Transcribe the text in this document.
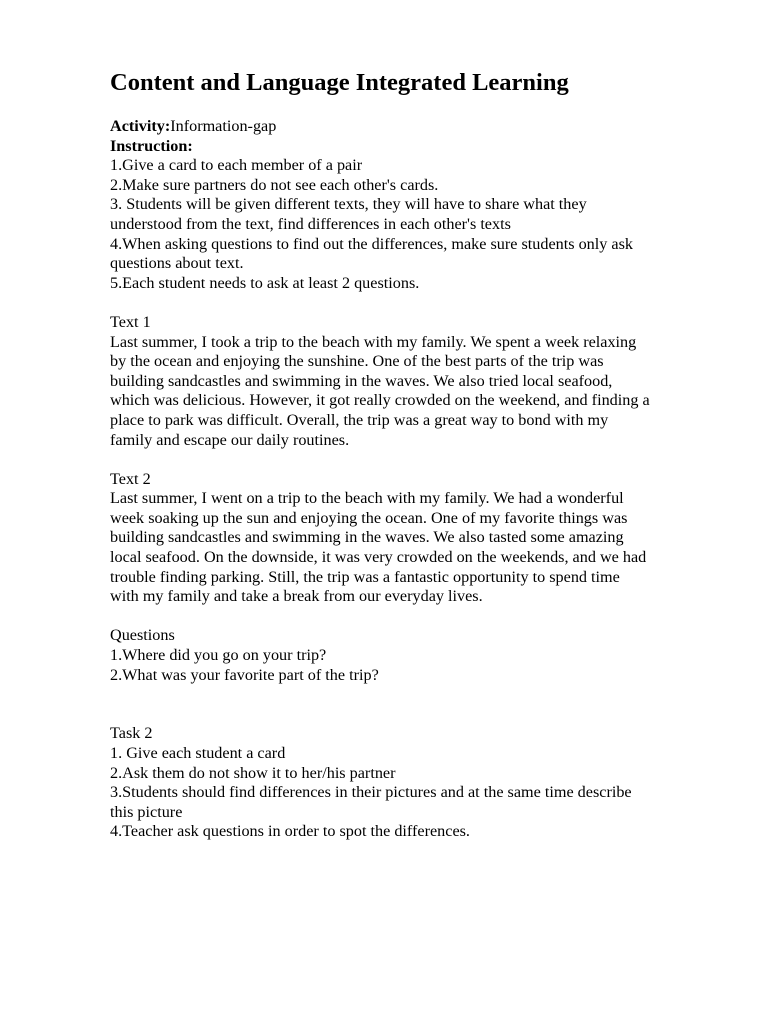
Content and Language Integrated Learning
Activity:Information-gap
Instruction:
1.Give a card to each member of a pair
2.Make sure partners do not see each other's cards.
3. Students will be given different texts, they will have to share what they
understood from the text, find differences in each other's texts
4.When asking questions to find out the differences, make sure students only ask
questions about text.
5.Each student needs to ask at least 2 questions.
Text 1
Last summer, I took a trip to the beach with my family. We spent a week relaxing
by the ocean and enjoying the sunshine. One of the best parts of the trip was
building sandcastles and swimming in the waves. We also tried local seafood,
which was delicious. However, it got really crowded on the weekend, and finding a
place to park was difficult. Overall, the trip was a great way to bond with my
family and escape our daily routines.
Text 2
Last summer, I went on a trip to the beach with my family. We had a wonderful
week soaking up the sun and enjoying the ocean. One of my favorite things was
building sandcastles and swimming in the waves. We also tasted some amazing
local seafood. On the downside, it was very crowded on the weekends, and we had
trouble finding parking. Still, the trip was a fantastic opportunity to spend time
with my family and take a break from our everyday lives.
Questions
1.Where did you go on your trip?
2.What was your favorite part of the trip?
Task 2
1. Give each student a card
2.Ask them do not show it to her/his partner
3.Students should find differences in their pictures and at the same time describe
this picture
4.Teacher ask questions in order to spot the differences.
